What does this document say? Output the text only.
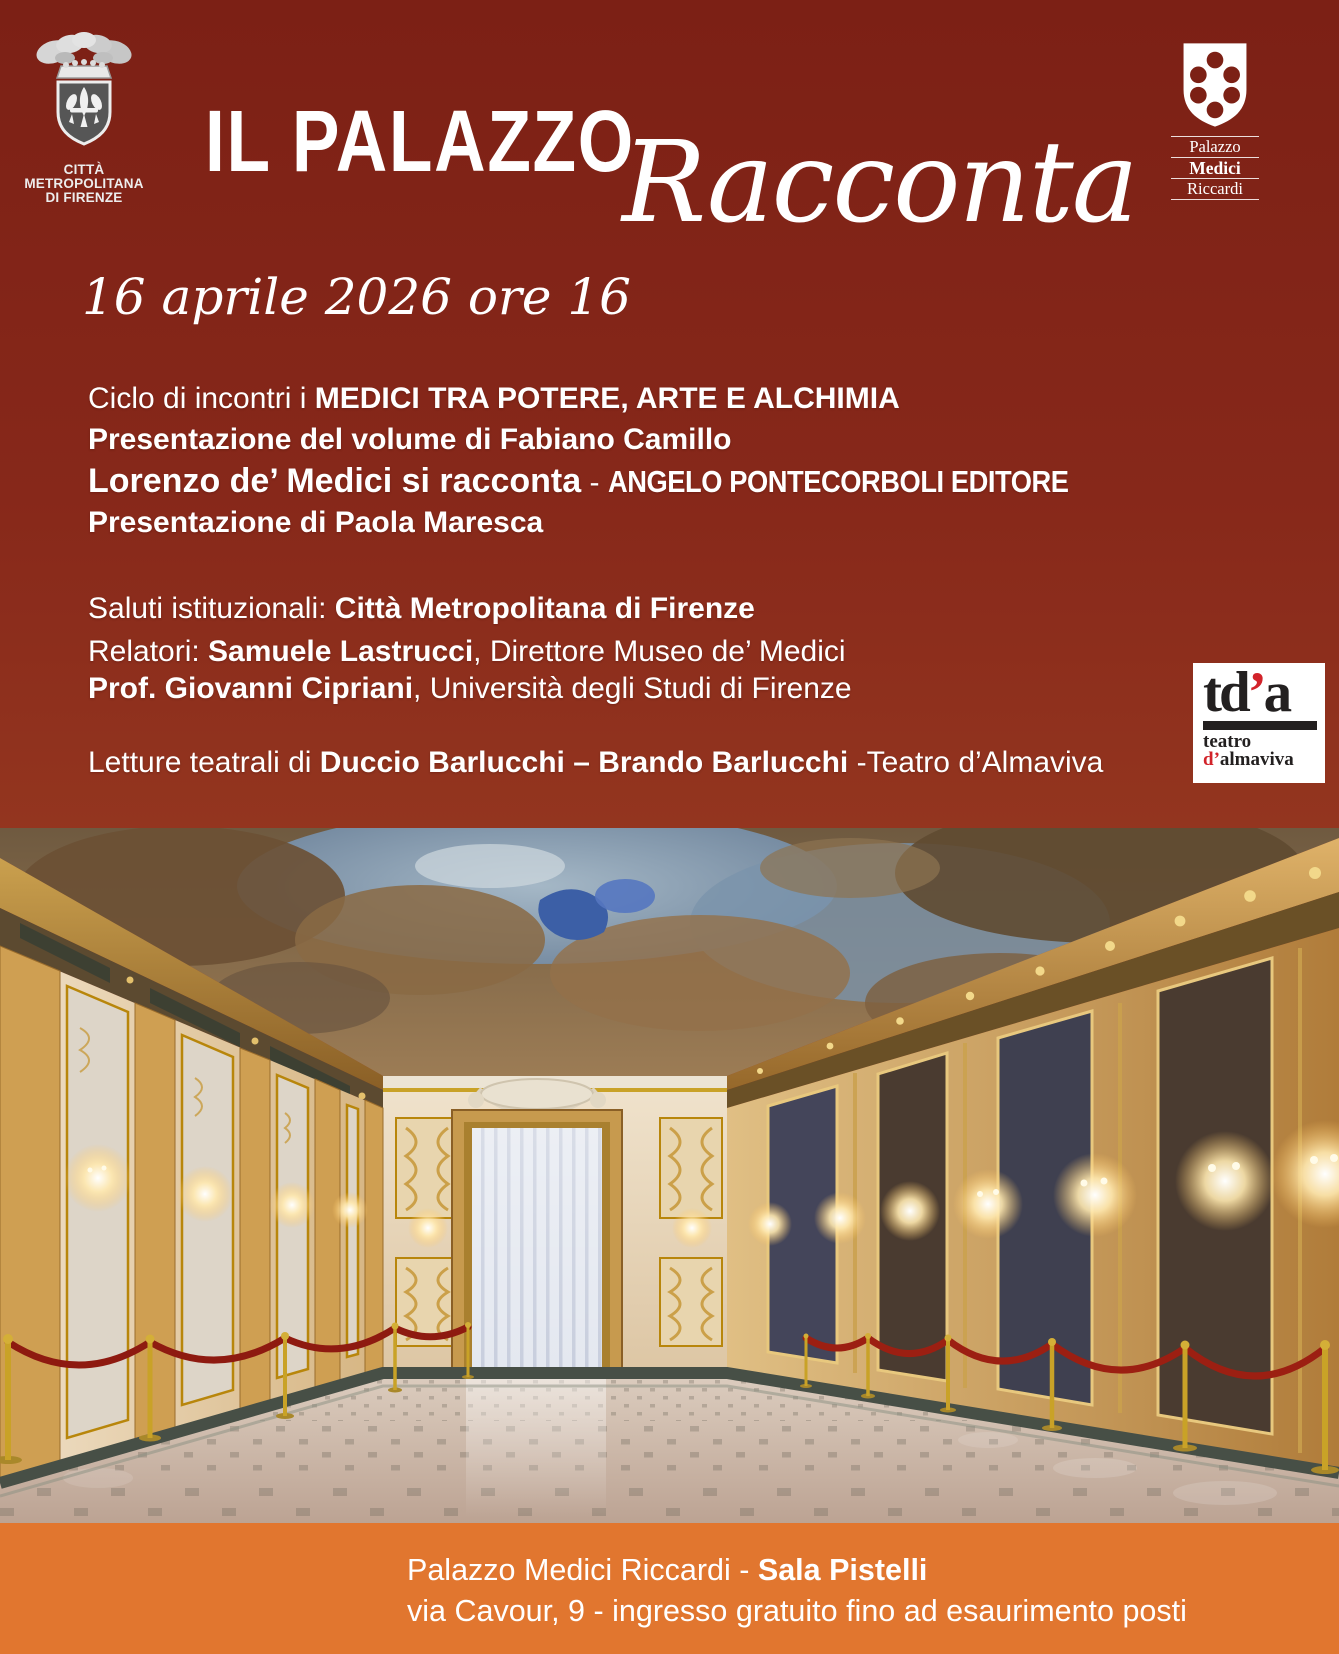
CITTÀ METROPOLITANA
DI FIRENZE
IL PALAZZO
Racconta	Palazzo
Medici
Riccardi
16 aprile 2026 ore 16
Ciclo di incontri i MEDICI TRA POTERE, ARTE E ALCHIMIA
Presentazione del volume di Fabiano Camillo
Lorenzo de’ Medici si racconta - ANGELO PONTECORBOLI EDITORE
Presentazione di Paola Maresca
Saluti istituzionali: Città Metropolitana di Firenze
Relatori: Samuele Lastrucci, Direttore Museo de’ Medici
Prof. Giovanni Cipriani, Università degli Studi di Firenze
Letture teatrali di Duccio Barlucchi – Brando Barlucchi -Teatro d’Almaviva
td’a
teatro
d’almaviva
Palazzo Medici Riccardi - Sala Pistelli
via Cavour, 9 - ingresso gratuito fino ad esaurimento posti
